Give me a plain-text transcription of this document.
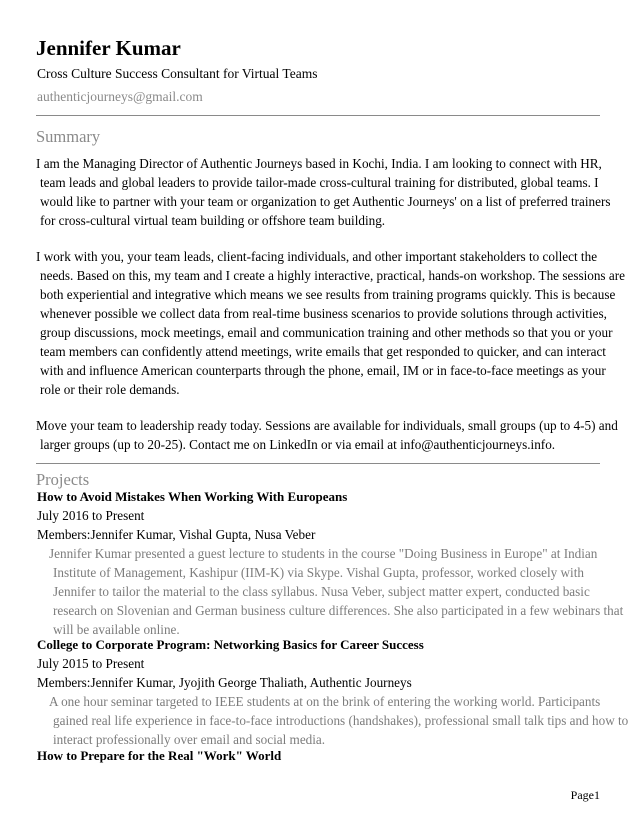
Jennifer Kumar
Cross Culture Success Consultant for Virtual Teams
authenticjourneys@gmail.com
Summary
I am the Managing Director of Authentic Journeys based in Kochi, India. I am looking to connect with HR,
team leads and global leaders to provide tailor-made cross-cultural training for distributed, global teams. I
would like to partner with your team or organization to get Authentic Journeys' on a list of preferred trainers
for cross-cultural virtual team building or offshore team building.
I work with you, your team leads, client-facing individuals, and other important stakeholders to collect the
needs. Based on this, my team and I create a highly interactive, practical, hands-on workshop. The sessions are
both experiential and integrative which means we see results from training programs quickly. This is because
whenever possible we collect data from real-time business scenarios to provide solutions through activities,
group discussions, mock meetings, email and communication training and other methods so that you or your
team members can confidently attend meetings, write emails that get responded to quicker, and can interact
with and influence American counterparts through the phone, email, IM or in face-to-face meetings as your
role or their role demands.
Move your team to leadership ready today. Sessions are available for individuals, small groups (up to 4-5) and
larger groups (up to 20-25). Contact me on LinkedIn or via email at info@authenticjourneys.info.
Projects
How to Avoid Mistakes When Working With Europeans
July 2016 to Present
Members:Jennifer Kumar, Vishal Gupta, Nusa Veber
Jennifer Kumar presented a guest lecture to students in the course "Doing Business in Europe" at Indian
Institute of Management, Kashipur (IIM-K) via Skype. Vishal Gupta, professor, worked closely with
Jennifer to tailor the material to the class syllabus. Nusa Veber, subject matter expert, conducted basic
research on Slovenian and German business culture differences. She also participated in a few webinars that
will be available online.
College to Corporate Program: Networking Basics for Career Success
July 2015 to Present
Members:Jennifer Kumar, Jyojith George Thaliath, Authentic Journeys
A one hour seminar targeted to IEEE students at on the brink of entering the working world. Participants
gained real life experience in face-to-face introductions (handshakes), professional small talk tips and how to
interact professionally over email and social media.
How to Prepare for the Real "Work" World
Page1
